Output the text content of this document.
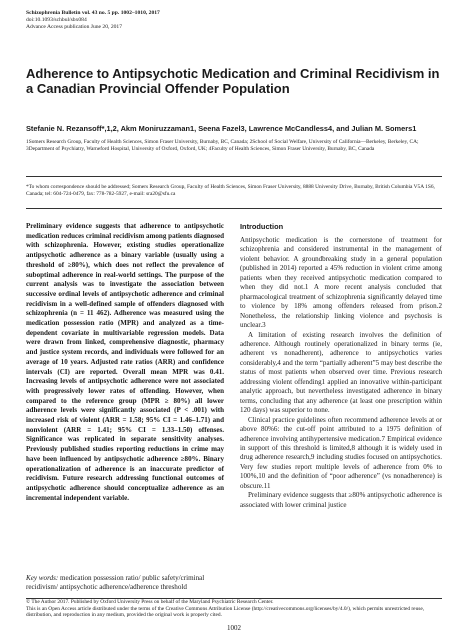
Schizophrenia Bulletin vol. 43 no. 5 pp. 1002–1010, 2017
doi:10.1093/schbul/sbx084
Advance Access publication June 20, 2017
Adherence to Antipsychotic Medication and Criminal Recidivism in a Canadian Provincial Offender Population
Stefanie N. Rezansoff*,1,2, Akm Moniruzzaman1, Seena Fazel3, Lawrence McCandless4, and Julian M. Somers1
1Somers Research Group, Faculty of Health Sciences, Simon Fraser University, Burnaby, BC, Canada; 2School of Social Welfare, University of California—Berkeley, Berkeley, CA; 3Department of Psychiatry, Warneford Hospital, University of Oxford, Oxford, UK; 4Faculty of Health Sciences, Simon Fraser University, Burnaby, BC, Canada
*To whom correspondence should be addressed; Somers Research Group, Faculty of Health Sciences, Simon Fraser University, 8888 University Drive, Burnaby, British Columbia V5A 1S6, Canada; tel: 604-724-0479, fax: 778-782-5927, e-mail: sra20@sfu.ca
Preliminary evidence suggests that adherence to antipsychotic medication reduces criminal recidivism among patients diagnosed with schizophrenia. However, existing studies operationalize antipsychotic adherence as a binary variable (usually using a threshold of ≥80%), which does not reflect the prevalence of suboptimal adherence in real-world settings. The purpose of the current analysis was to investigate the association between successive ordinal levels of antipsychotic adherence and criminal recidivism in a well-defined sample of offenders diagnosed with schizophrenia (n = 11 462). Adherence was measured using the medication possession ratio (MPR) and analyzed as a time-dependent covariate in multivariable regression models. Data were drawn from linked, comprehensive diagnostic, pharmacy and justice system records, and individuals were followed for an average of 10 years. Adjusted rate ratios (ARR) and confidence intervals (CI) are reported. Overall mean MPR was 0.41. Increasing levels of antipsychotic adherence were not associated with progressively lower rates of offending. However, when compared to the reference group (MPR ≥ 80%) all lower adherence levels were significantly associated (P < .001) with increased risk of violent (ARR = 1.58; 95% CI = 1.46–1.71) and nonviolent (ARR = 1.41; 95% CI = 1.33–1.50) offenses. Significance was replicated in separate sensitivity analyses. Previously published studies reporting reductions in crime may have been influenced by antipsychotic adherence ≥80%. Binary operationalization of adherence is an inaccurate predictor of recidivism. Future research addressing functional outcomes of antipsychotic adherence should conceptualize adherence as an incremental independent variable.
Key words: medication possession ratio/ public safety/criminal recidivism/ antipsychotic adherence/adherence threshold
Introduction

Antipsychotic medication is the cornerstone of treatment for schizophrenia and considered instrumental in the management of violent behavior. A groundbreaking study in a general population (published in 2014) reported a 45% reduction in violent crime among patients when they received antipsychotic medication compared to when they did not.1 A more recent analysis concluded that pharmacological treatment of schizophrenia significantly delayed time to violence by 18% among offenders released from prison.2 Nonetheless, the relationship linking violence and psychosis is unclear.3

A limitation of existing research involves the definition of adherence. Although routinely operationalized in binary terms (ie, adherent vs nonadherent), adherence to antipsychotics varies considerably,4 and the term “partially adherent”5 may best describe the status of most patients when observed over time. Previous research addressing violent offending1 applied an innovative within-participant analytic approach, but nevertheless investigated adherence in binary terms, concluding that any adherence (at least one prescription within 120 days) was superior to none.

Clinical practice guidelines often recommend adherence levels at or above 80%6: the cut-off point attributed to a 1975 definition of adherence involving antihypertensive medication.7 Empirical evidence in support of this threshold is limited,8 although it is widely used in drug adherence research,9 including studies focused on antipsychotics. Very few studies report multiple levels of adherence from 0% to 100%,10 and the definition of “poor adherence” (vs nonadherence) is obscure.11

Preliminary evidence suggests that ≥80% antipsychotic adherence is associated with lower criminal justice

© The Author 2017. Published by Oxford University Press on behalf of the Maryland Psychiatric Research Center.
This is an Open Access article distributed under the terms of the Creative Commons Attribution License (http://creativecommons.org/licenses/by/4.0/), which permits unrestricted reuse, distribution, and reproduction in any medium, provided the original work is properly cited.
1002
